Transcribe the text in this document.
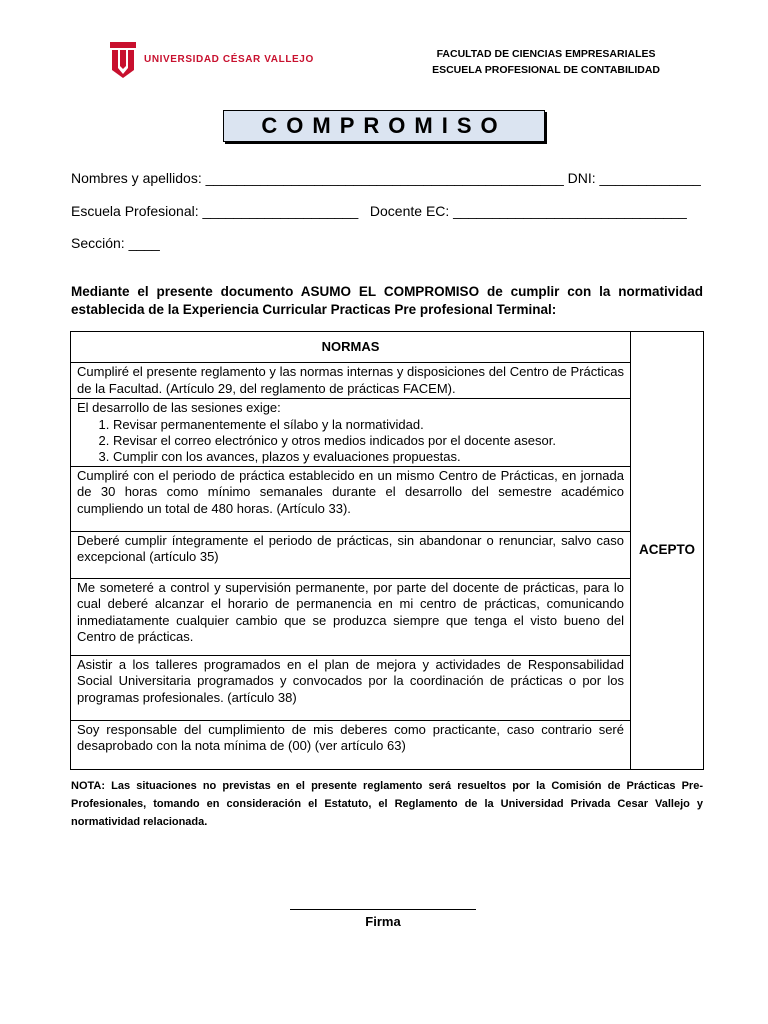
UNIVERSIDAD CÉSAR VALLEJO	FACULTAD DE CIENCIAS EMPRESARIALES
ESCUELA PROFESIONAL DE CONTABILIDAD
COMPROMISO
Nombres y apellidos: ______________________________________________ DNI: _____________
Escuela Profesional: ____________________   Docente EC: ______________________________
Sección: ____
Mediante el presente documento ASUMO EL COMPROMISO de cumplir con la normatividad establecida de la Experiencia Curricular Practicas Pre profesional Terminal:
NORMAS	ACEPTO

Cumpliré el presente reglamento y las normas internas y disposiciones del Centro de Prácticas de la Facultad. (Artículo 29, del reglamento de prácticas FACEM).

El desarrollo de las sesiones exige:
1. Revisar permanentemente el sílabo y la normatividad.
2. Revisar el correo electrónico y otros medios indicados por el docente asesor.
3. Cumplir con los avances, plazos y evaluaciones propuestas.

Cumpliré con el periodo de práctica establecido en un mismo Centro de Prácticas, en jornada de 30 horas como mínimo semanales durante el desarrollo del semestre académico cumpliendo un total de 480 horas. (Artículo 33).

Deberé cumplir íntegramente el periodo de prácticas, sin abandonar o renunciar, salvo caso excepcional (artículo 35)

Me someteré a control y supervisión permanente, por parte del docente de prácticas, para lo cual deberé alcanzar el horario de permanencia en mi centro de prácticas, comunicando inmediatamente cualquier cambio que se produzca siempre que tenga el visto bueno del Centro de prácticas.

Asistir a los talleres programados en el plan de mejora y actividades de Responsabilidad Social Universitaria programados y convocados por la coordinación de prácticas o por los programas profesionales. (artículo 38)

Soy responsable del cumplimiento de mis deberes como practicante, caso contrario seré desaprobado con la nota mínima de (00) (ver artículo 63)
NOTA: Las situaciones no previstas en el presente reglamento será resueltos por la Comisión de Prácticas Pre-Profesionales, tomando en consideración el Estatuto, el Reglamento de la Universidad Privada Cesar Vallejo y normatividad relacionada.
Firma
